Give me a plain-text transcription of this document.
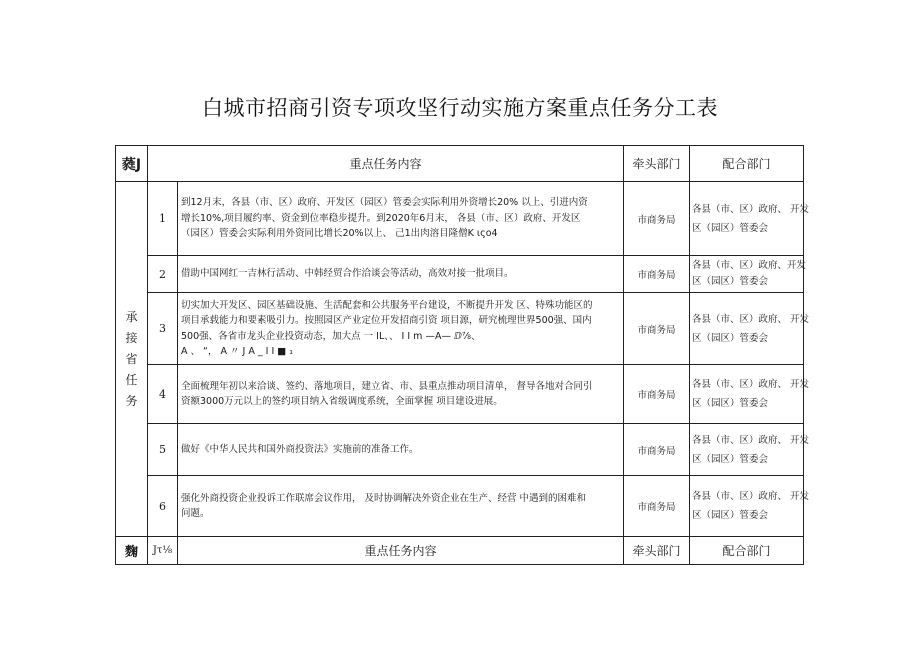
白城市招商引资专项攻坚行动实施方案重点任务分工表
蕤J	重点任务内容		牵头部门	配合部门

承
接
省
任
务	1	到12月末，各县（市、区）政府、开发区（园区）管委会实际利用外资增长20% 以上、引进内资
增长10%,项目履约率、资金到位率稳步提升。到2020年6月末， 各县（市、区）政府、开发区
（园区）管委会实际利用外资同比增长20%以上、 己1出肉溶目隆僧K ιςo4	市商务局	各县（市、区）政府、 开发
区（园区）管委会

	2	借助中国网红一吉林行活动、中韩经贸合作洽谈会等活动，高效对接一批项目。	市商务局	各县（市、区）政府、开发
区（园区）管委会

	3	切实加大开发区、园区基础设施、生活配套和公共服务平台建设，不断提升开发 区、特殊功能区的
项目承载能力和要素吸引力。按照园区产业定位开发招商引资 项目源，研究梳理世界500强、国内
500强、各省市龙头企业投资动态，加大点 一 IL、、 I I m —A— ⅅ⅞、
A 、 “， A 〃 J A _ I I ■ ₁	市商务局	各县（市、区）政府、 开发
区（园区）管委会

	4	全面梳理年初以来洽谈、签约、落地项目，建立省、市、县重点推动项目清单， 督导各地对合同引
资额3000万元以上的签约项目纳入省级调度系统，全面掌握 项目建设进展。	市商务局	各县（市、区）政府、 开发
区（园区）管委会

	5	做好《中华人民共和国外商投资法》实施前的准备工作。	市商务局	各县（市、区）政府、 开发
区（园区）管委会

	6	强化外商投资企业投诉工作联席会议作用， 及时协调解决外资企业在生产、经营 中遇到的困难和
问题。	市商务局	各县（市、区）政府、 开发
区（园区）管委会

麴	Jτ⅛	重点任务内容	牵头部门	配合部门
